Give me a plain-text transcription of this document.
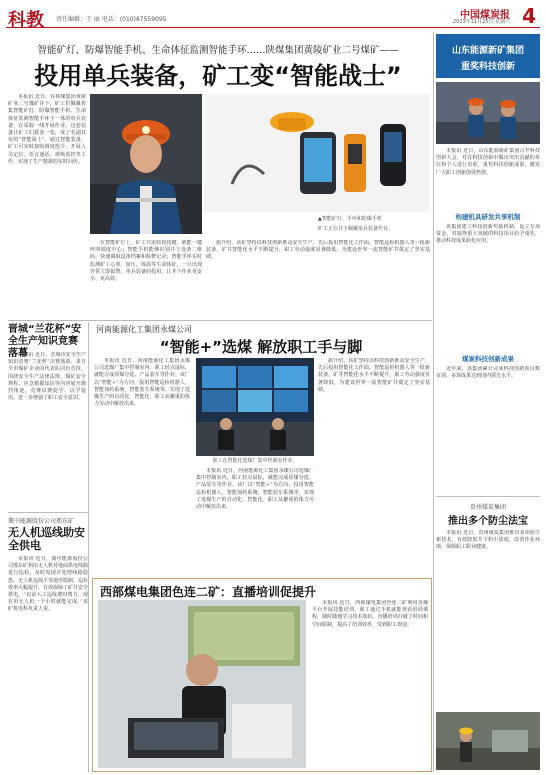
科教 责任编辑：王 丽 电话：(010)87559095	中国煤炭报
2023年11月25日 星期六 4
智能矿灯、防爆智能手机、生命体征监测智能手环……陕煤集团黄陵矿业二号煤矿——
投用单兵装备，矿工变“智能战士”

本报讯 近日，在陕煤集团黄陵矿业二号煤矿井下，矿工们佩戴着集智能矿灯、防爆智能手机、生命体征监测智能手环于一体的单兵装备，在采掘一线开展作业。这套装备让矿工们摇身一变，成了名副其实的“智能战士”。通过智能装备，矿工可实时接收调度指令，开展人员定位、语音通话、视频监控等工作，实现了生产数据的实时回传。

▲智能矿灯、手环和防爆手机
矿工正在井下佩戴单兵装备作业。

在智能矿灯上，矿工只需轻按按键，就能一键呼叫调度中心；智能手机能够识别井下设备二维码，快速调取设备档案和检修记录；智能手环实时监测矿工心率、血压、体温等生命体征，一旦出现异常立即报警。单兵装备的投用，让井下作业更安全、更高效。

据介绍，该矿坚持以科技创新推动安全生产，先后投用智能化工作面、智能巡检机器人等一批新装备，矿井智能化水平不断提升，职工劳动强度显著降低，为建设世界一流智能矿井奠定了坚实基础。

晋城“兰花杯”安全生产知识竞赛落幕

本报讯 近日，晋城市安全生产知识竞赛“兰花杯”决赛落幕。来自全市煤矿企业的代表队同台竞技，围绕安全生产法律法规、煤矿安全规程、应急救援知识等内容展开激烈角逐。竞赛以赛促学、以学促用，进一步增强了职工安全意识。

冀中能源股份公司邢东矿
无人机巡线助安全供电

本报讯 近日，冀中能源股份公司邢东矿利用无人机对地面供电线路进行巡检，及时发现并处理线路隐患。无人机巡线不受地形限制，巡检效率大幅提升，有效保障了矿井安全供电。“以前人工巡线费时费力，现在用无人机一个小时就能完成。”该矿机电科负责人说。

河南能源化工集团永煤公司
“智能+”选煤 解放职工手与脚

本报讯 近日，河南能源化工集团永煤公司选煤厂集中控制室内，职工轻点鼠标，就能完成原煤分选、产品装车等作业。该厂以“智能+”为方向，投用智能巡检机器人、智能加药系统、智能装车系统等，实现了选煤生产的自动化、智能化，职工从繁重的体力劳动中解放出来。

职工在智能化选煤厂集中控制室作业。

本报讯 近日，河南能源化工集团永煤公司选煤厂集中控制室内，职工轻点鼠标，就能完成原煤分选、产品装车等作业。该厂以“智能+”为方向，投用智能巡检机器人、智能加药系统、智能装车系统等，实现了选煤生产的自动化、智能化，职工从繁重的体力劳动中解放出来。

据介绍，该矿坚持以科技创新推动安全生产，先后投用智能化工作面、智能巡检机器人等一批新装备，矿井智能化水平不断提升，职工劳动强度显著降低，为建设世界一流智能矿井奠定了坚实基础。

西部煤电集团色连二矿：直播培训促提升

本报讯 近日，西部煤电集团色连二矿利用直播平台开展技能培训，职工通过手机就能观看培训课程，随时随地学习技术知识。直播培训打破了时间和空间限制，提高了培训效率，受到职工欢迎。

山东能源新矿集团
重奖科技创新

本报讯 近日，山东能源新矿集团召开科技创新大会，对在科技创新中做出突出贡献的单位和个人进行表彰，重奖科技创新成果，激发广大职工创新创效热情。

构建机具研发共享机制

该集团建立科技创新奖励机制，设立专项资金，对取得重大突破的科技项目给予重奖，推动科技成果转化应用。

煤炭科技创新成果

近年来，该集团累计完成科技创新项目数百项，多项成果达到国内领先水平。

贵州煤炭集团
推出多个防尘法宝

本报讯 近日，贵州煤炭集团推出多项防尘新技术，有效降低井下粉尘浓度，改善作业环境，保障职工职业健康。
